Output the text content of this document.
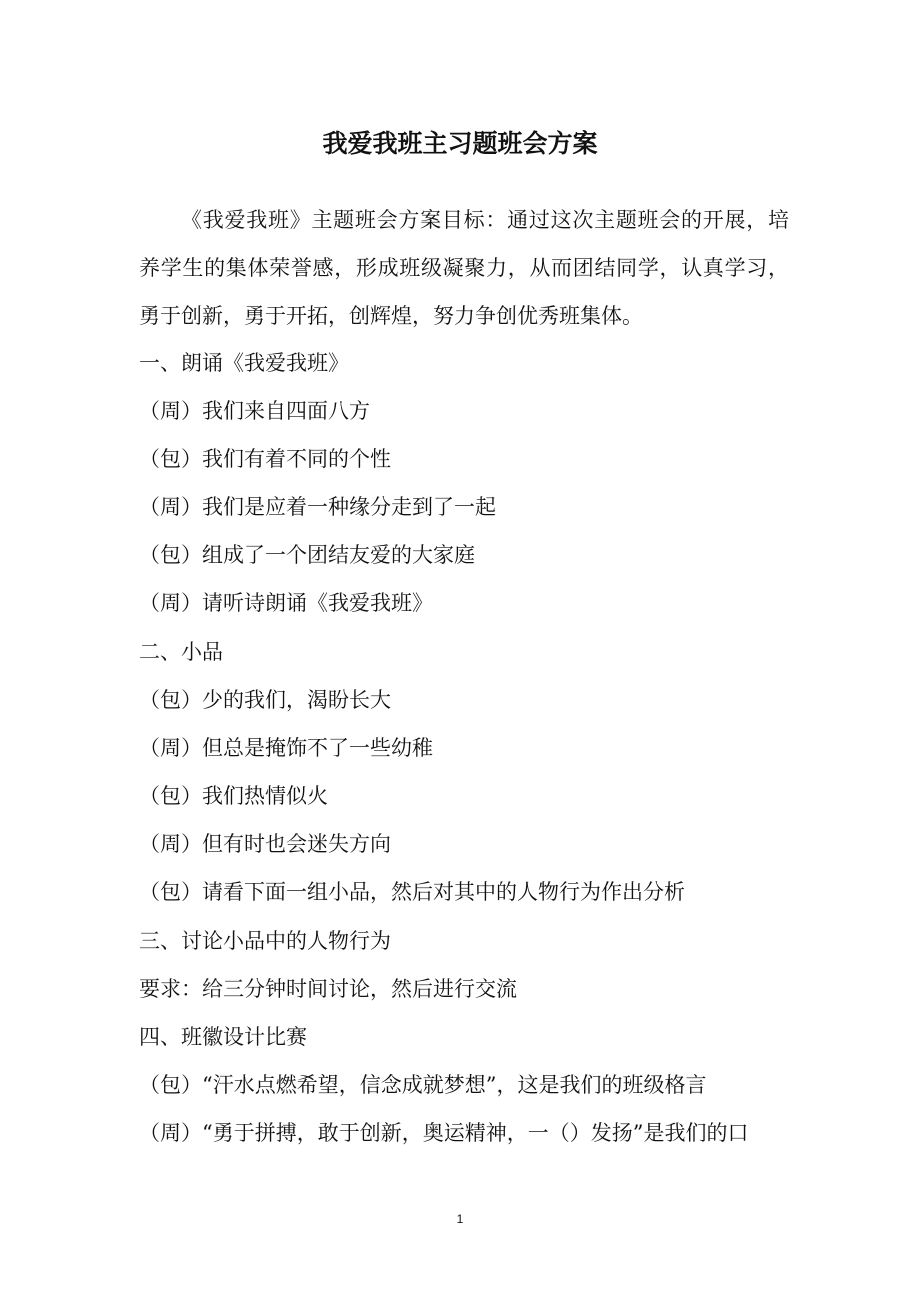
我爱我班主习题班会方案

《我爱我班》主题班会方案目标：通过这次主题班会的开展，培养学生的集体荣誉感，形成班级凝聚力，从而团结同学，认真学习，勇于创新，勇于开拓，创辉煌，努力争创优秀班集体。

一、朗诵《我爱我班》

（周）我们来自四面八方

（包）我们有着不同的个性

（周）我们是应着一种缘分走到了一起

（包）组成了一个团结友爱的大家庭

（周）请听诗朗诵《我爱我班》

二、小品

（包）少的我们，渴盼长大

（周）但总是掩饰不了一些幼稚

（包）我们热情似火

（周）但有时也会迷失方向

（包）请看下面一组小品，然后对其中的人物行为作出分析

三、讨论小品中的人物行为

要求：给三分钟时间讨论，然后进行交流

四、班徽设计比赛

（包）“汗水点燃希望，信念成就梦想”，这是我们的班级格言

（周）“勇于拼搏，敢于创新，奥运精神，一（）发扬”是我们的口

1
